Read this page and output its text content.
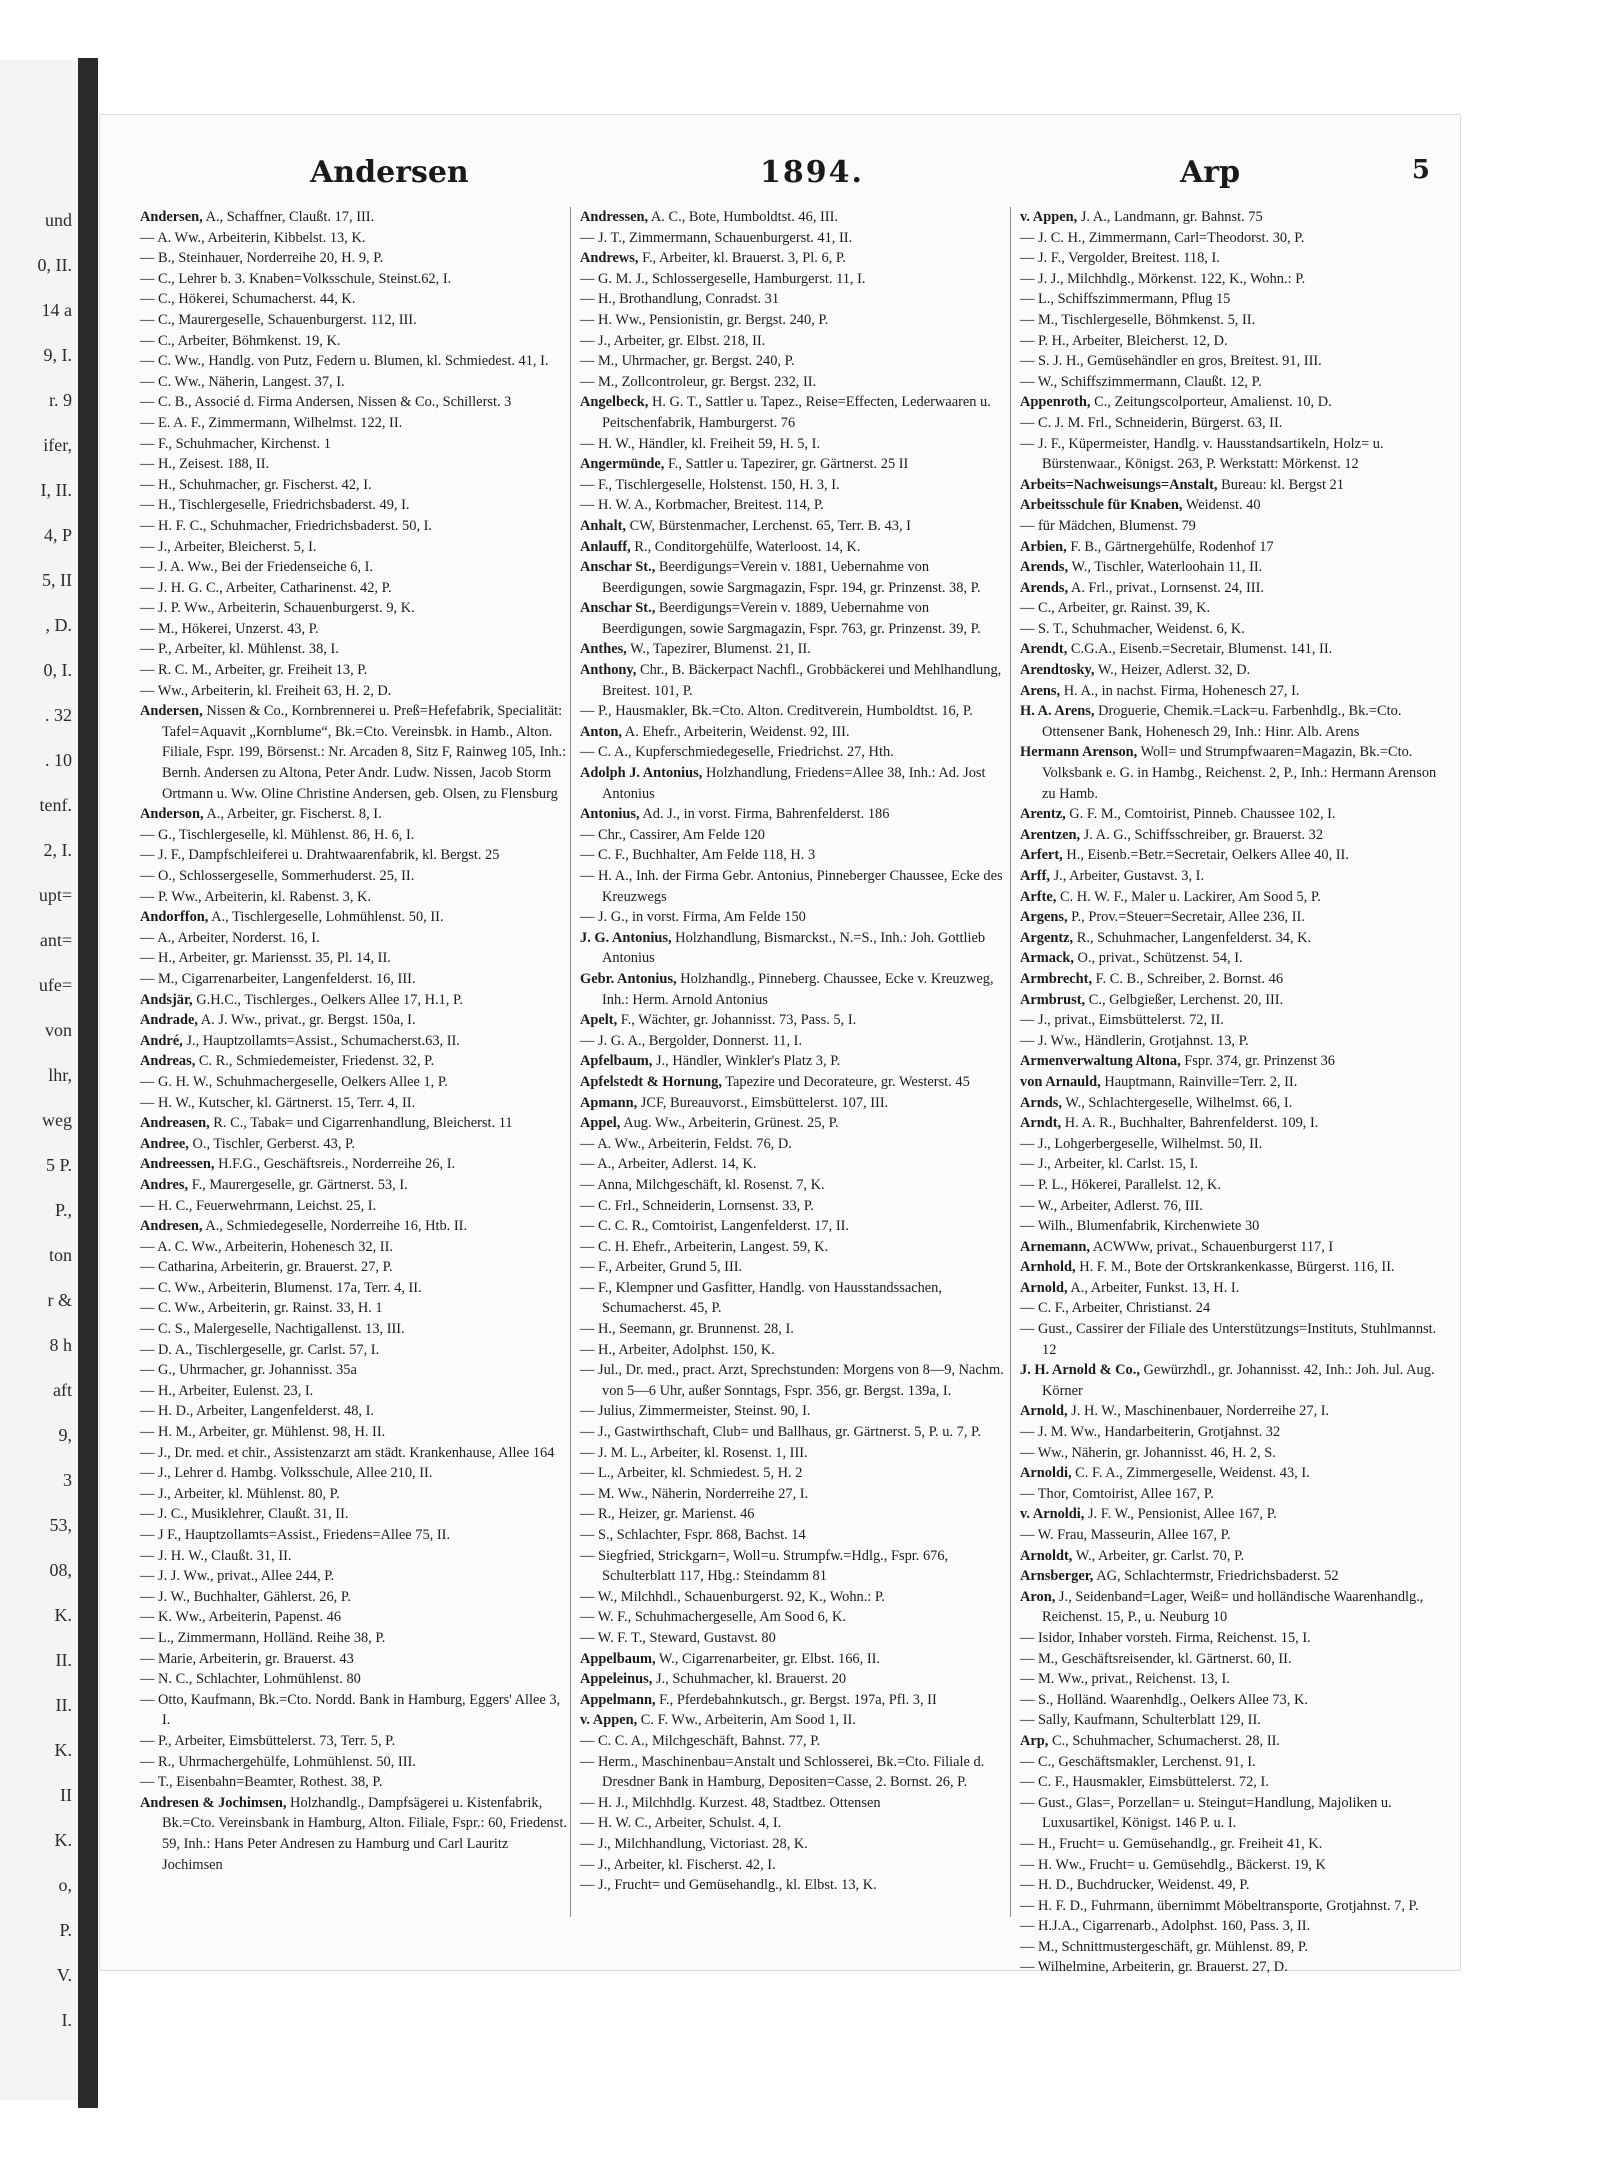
und
0, II.
14 a
9, I.
r. 9
ifer,
I, II.
4, P
5, II
, D.
0, I.
. 32
. 10
tenf.
2, I.
upt=
ant=
ufe=
von
lhr,
weg
5 P.
P.,
ton
r &
8 h
aft
9,
3
53,
08,
K.
II.
II.
K.
II
K.
o,
P.
V.
I.
Andersen	1894.	Arp	5

Andersen, A., Schaffner, Claußt. 17, III.

— A. Ww., Arbeiterin, Kibbelst. 13, K.

— B., Steinhauer, Norderreihe 20, H. 9, P.

— C., Lehrer b. 3. Knaben=Volksschule, Steinst.62, I.

— C., Hökerei, Schumacherst. 44, K.

— C., Maurergeselle, Schauenburgerst. 112, III.

— C., Arbeiter, Böhmkenst. 19, K.

— C. Ww., Handlg. von Putz, Federn u. Blumen, kl. Schmiedest. 41, I.

— C. Ww., Näherin, Langest. 37, I.

— C. B., Associé d. Firma Andersen, Nissen & Co., Schillerst. 3

— E. A. F., Zimmermann, Wilhelmst. 122, II.

— F., Schuhmacher, Kirchenst. 1

— H., Zeisest. 188, II.

— H., Schuhmacher, gr. Fischerst. 42, I.

— H., Tischlergeselle, Friedrichsbaderst. 49, I.

— H. F. C., Schuhmacher, Friedrichsbaderst. 50, I.

— J., Arbeiter, Bleicherst. 5, I.

— J. A. Ww., Bei der Friedenseiche 6, I.

— J. H. G. C., Arbeiter, Catharinenst. 42, P.

— J. P. Ww., Arbeiterin, Schauenburgerst. 9, K.

— M., Hökerei, Unzerst. 43, P.

— P., Arbeiter, kl. Mühlenst. 38, I.

— R. C. M., Arbeiter, gr. Freiheit 13, P.

— Ww., Arbeiterin, kl. Freiheit 63, H. 2, D.

Andersen, Nissen & Co., Kornbrennerei u. Preß=Hefefabrik, Specialität: Tafel=Aquavit „Kornblume“, Bk.=Cto. Vereinsbk. in Hamb., Alton. Filiale, Fspr. 199, Börsenst.: Nr. Arcaden 8, Sitz F, Rainweg 105, Inh.: Bernh. Andersen zu Altona, Peter Andr. Ludw. Nissen, Jacob Storm Ortmann u. Ww. Oline Christine Andersen, geb. Olsen, zu Flensburg

Anderson, A., Arbeiter, gr. Fischerst. 8, I.

— G., Tischlergeselle, kl. Mühlenst. 86, H. 6, I.

— J. F., Dampfschleiferei u. Drahtwaarenfabrik, kl. Bergst. 25

— O., Schlossergeselle, Sommerhuderst. 25, II.

— P. Ww., Arbeiterin, kl. Rabenst. 3, K.

Andorffon, A., Tischlergeselle, Lohmühlenst. 50, II.

— A., Arbeiter, Norderst. 16, I.

— H., Arbeiter, gr. Mariensst. 35, Pl. 14, II.

— M., Cigarrenarbeiter, Langenfelderst. 16, III.

Andsjär, G.H.C., Tischlerges., Oelkers Allee 17, H.1, P.

Andrade, A. J. Ww., privat., gr. Bergst. 150a, I.

André, J., Hauptzollamts=Assist., Schumacherst.63, II.

Andreas, C. R., Schmiedemeister, Friedenst. 32, P.

— G. H. W., Schuhmachergeselle, Oelkers Allee 1, P.

— H. W., Kutscher, kl. Gärtnerst. 15, Terr. 4, II.

Andreasen, R. C., Tabak= und Cigarrenhandlung, Bleicherst. 11

Andree, O., Tischler, Gerberst. 43, P.

Andreessen, H.F.G., Geschäftsreis., Norderreihe 26, I.

Andres, F., Maurergeselle, gr. Gärtnerst. 53, I.

— H. C., Feuerwehrmann, Leichst. 25, I.

Andresen, A., Schmiedegeselle, Norderreihe 16, Htb. II.

— A. C. Ww., Arbeiterin, Hohenesch 32, II.

— Catharina, Arbeiterin, gr. Brauerst. 27, P.

— C. Ww., Arbeiterin, Blumenst. 17a, Terr. 4, II.

— C. Ww., Arbeiterin, gr. Rainst. 33, H. 1

— C. S., Malergeselle, Nachtigallenst. 13, III.

— D. A., Tischlergeselle, gr. Carlst. 57, I.

— G., Uhrmacher, gr. Johannisst. 35a

— H., Arbeiter, Eulenst. 23, I.

— H. D., Arbeiter, Langenfelderst. 48, I.

— H. M., Arbeiter, gr. Mühlenst. 98, H. II.

— J., Dr. med. et chir., Assistenzarzt am städt. Krankenhause, Allee 164

— J., Lehrer d. Hambg. Volksschule, Allee 210, II.

— J., Arbeiter, kl. Mühlenst. 80, P.

— J. C., Musiklehrer, Claußt. 31, II.

— J F., Hauptzollamts=Assist., Friedens=Allee 75, II.

— J. H. W., Claußt. 31, II.

— J. J. Ww., privat., Allee 244, P.

— J. W., Buchhalter, Gählerst. 26, P.

— K. Ww., Arbeiterin, Papenst. 46

— L., Zimmermann, Holländ. Reihe 38, P.

— Marie, Arbeiterin, gr. Brauerst. 43

— N. C., Schlachter, Lohmühlenst. 80

— Otto, Kaufmann, Bk.=Cto. Nordd. Bank in Hamburg, Eggers' Allee 3, I.

— P., Arbeiter, Eimsbüttelerst. 73, Terr. 5, P.

— R., Uhrmachergehülfe, Lohmühlenst. 50, III.

— T., Eisenbahn=Beamter, Rothest. 38, P.

Andresen & Jochimsen, Holzhandlg., Dampfsägerei u. Kistenfabrik, Bk.=Cto. Vereinsbank in Hamburg, Alton. Filiale, Fspr.: 60, Friedenst. 59, Inh.: Hans Peter Andresen zu Hamburg und Carl Lauritz Jochimsen

Andressen, A. C., Bote, Humboldtst. 46, III.

— J. T., Zimmermann, Schauenburgerst. 41, II.

Andrews, F., Arbeiter, kl. Brauerst. 3, Pl. 6, P.

— G. M. J., Schlossergeselle, Hamburgerst. 11, I.

— H., Brothandlung, Conradst. 31

— H. Ww., Pensionistin, gr. Bergst. 240, P.

— J., Arbeiter, gr. Elbst. 218, II.

— M., Uhrmacher, gr. Bergst. 240, P.

— M., Zollcontroleur, gr. Bergst. 232, II.

Angelbeck, H. G. T., Sattler u. Tapez., Reise=Effecten, Lederwaaren u. Peitschenfabrik, Hamburgerst. 76

— H. W., Händler, kl. Freiheit 59, H. 5, I.

Angermünde, F., Sattler u. Tapezirer, gr. Gärtnerst. 25 II

— F., Tischlergeselle, Holstenst. 150, H. 3, I.

— H. W. A., Korbmacher, Breitest. 114, P.

Anhalt, CW, Bürstenmacher, Lerchenst. 65, Terr. B. 43, I

Anlauff, R., Conditorgehülfe, Waterloost. 14, K.

Anschar St., Beerdigungs=Verein v. 1881, Uebernahme von Beerdigungen, sowie Sargmagazin, Fspr. 194, gr. Prinzenst. 38, P.

Anschar St., Beerdigungs=Verein v. 1889, Uebernahme von Beerdigungen, sowie Sargmagazin, Fspr. 763, gr. Prinzenst. 39, P.

Anthes, W., Tapezirer, Blumenst. 21, II.

Anthony, Chr., B. Bäckerpact Nachfl., Grobbäckerei und Mehlhandlung, Breitest. 101, P.

— P., Hausmakler, Bk.=Cto. Alton. Creditverein, Humboldtst. 16, P.

Anton, A. Ehefr., Arbeiterin, Weidenst. 92, III.

— C. A., Kupferschmiedegeselle, Friedrichst. 27, Hth.

Adolph J. Antonius, Holzhandlung, Friedens=Allee 38, Inh.: Ad. Jost Antonius

Antonius, Ad. J., in vorst. Firma, Bahrenfelderst. 186

— Chr., Cassirer, Am Felde 120

— C. F., Buchhalter, Am Felde 118, H. 3

— H. A., Inh. der Firma Gebr. Antonius, Pinneberger Chaussee, Ecke des Kreuzwegs

— J. G., in vorst. Firma, Am Felde 150

J. G. Antonius, Holzhandlung, Bismarckst., N.=S., Inh.: Joh. Gottlieb Antonius

Gebr. Antonius, Holzhandlg., Pinneberg. Chaussee, Ecke v. Kreuzweg, Inh.: Herm. Arnold Antonius

Apelt, F., Wächter, gr. Johannisst. 73, Pass. 5, I.

— J. G. A., Bergolder, Donnerst. 11, I.

Apfelbaum, J., Händler, Winkler's Platz 3, P.

Apfelstedt & Hornung, Tapezire und Decorateure, gr. Westerst. 45

Apmann, JCF, Bureauvorst., Eimsbüttelerst. 107, III.

Appel, Aug. Ww., Arbeiterin, Grünest. 25, P.

— A. Ww., Arbeiterin, Feldst. 76, D.

— A., Arbeiter, Adlerst. 14, K.

— Anna, Milchgeschäft, kl. Rosenst. 7, K.

— C. Frl., Schneiderin, Lornsenst. 33, P.

— C. C. R., Comtoirist, Langenfelderst. 17, II.

— C. H. Ehefr., Arbeiterin, Langest. 59, K.

— F., Arbeiter, Grund 5, III.

— F., Klempner und Gasfitter, Handlg. von Hausstandssachen, Schumacherst. 45, P.

— H., Seemann, gr. Brunnenst. 28, I.

— H., Arbeiter, Adolphst. 150, K.

— Jul., Dr. med., pract. Arzt, Sprechstunden: Morgens von 8—9, Nachm. von 5—6 Uhr, außer Sonntags, Fspr. 356, gr. Bergst. 139a, I.

— Julius, Zimmermeister, Steinst. 90, I.

— J., Gastwirthschaft, Club= und Ballhaus, gr. Gärtnerst. 5, P. u. 7, P.

— J. M. L., Arbeiter, kl. Rosenst. 1, III.

— L., Arbeiter, kl. Schmiedest. 5, H. 2

— M. Ww., Näherin, Norderreihe 27, I.

— R., Heizer, gr. Marienst. 46

— S., Schlachter, Fspr. 868, Bachst. 14

— Siegfried, Strickgarn=, Woll=u. Strumpfw.=Hdlg., Fspr. 676, Schulterblatt 117, Hbg.: Steindamm 81

— W., Milchhdl., Schauenburgerst. 92, K., Wohn.: P.

— W. F., Schuhmachergeselle, Am Sood 6, K.

— W. F. T., Steward, Gustavst. 80

Appelbaum, W., Cigarrenarbeiter, gr. Elbst. 166, II.

Appeleinus, J., Schuhmacher, kl. Brauerst. 20

Appelmann, F., Pferdebahnkutsch., gr. Bergst. 197a, Pfl. 3, II

v. Appen, C. F. Ww., Arbeiterin, Am Sood 1, II.

— C. C. A., Milchgeschäft, Bahnst. 77, P.

— Herm., Maschinenbau=Anstalt und Schlosserei, Bk.=Cto. Filiale d. Dresdner Bank in Hamburg, Depositen=Casse, 2. Bornst. 26, P.

— H. J., Milchhdlg. Kurzest. 48, Stadtbez. Ottensen

— H. W. C., Arbeiter, Schulst. 4, I.

— J., Milchhandlung, Victoriast. 28, K.

— J., Arbeiter, kl. Fischerst. 42, I.

— J., Frucht= und Gemüsehandlg., kl. Elbst. 13, K.

v. Appen, J. A., Landmann, gr. Bahnst. 75

— J. C. H., Zimmermann, Carl=Theodorst. 30, P.

— J. F., Vergolder, Breitest. 118, I.

— J. J., Milchhdlg., Mörkenst. 122, K., Wohn.: P.

— L., Schiffszimmermann, Pflug 15

— M., Tischlergeselle, Böhmkenst. 5, II.

— P. H., Arbeiter, Bleicherst. 12, D.

— S. J. H., Gemüsehändler en gros, Breitest. 91, III.

— W., Schiffszimmermann, Claußt. 12, P.

Appenroth, C., Zeitungscolporteur, Amalienst. 10, D.

— C. J. M. Frl., Schneiderin, Bürgerst. 63, II.

— J. F., Küpermeister, Handlg. v. Hausstandsartikeln, Holz= u. Bürstenwaar., Königst. 263, P. Werkstatt: Mörkenst. 12

Arbeits=Nachweisungs=Anstalt, Bureau: kl. Bergst 21

Arbeitsschule für Knaben, Weidenst. 40

— für Mädchen, Blumenst. 79

Arbien, F. B., Gärtnergehülfe, Rodenhof 17

Arends, W., Tischler, Waterloohain 11, II.

Arends, A. Frl., privat., Lornsenst. 24, III.

— C., Arbeiter, gr. Rainst. 39, K.

— S. T., Schuhmacher, Weidenst. 6, K.

Arendt, C.G.A., Eisenb.=Secretair, Blumenst. 141, II.

Arendtosky, W., Heizer, Adlerst. 32, D.

Arens, H. A., in nachst. Firma, Hohenesch 27, I.

H. A. Arens, Droguerie, Chemik.=Lack=u. Farbenhdlg., Bk.=Cto. Ottensener Bank, Hohenesch 29, Inh.: Hinr. Alb. Arens

Hermann Arenson, Woll= und Strumpfwaaren=Magazin, Bk.=Cto. Volksbank e. G. in Hambg., Reichenst. 2, P., Inh.: Hermann Arenson zu Hamb.

Arentz, G. F. M., Comtoirist, Pinneb. Chaussee 102, I.

Arentzen, J. A. G., Schiffsschreiber, gr. Brauerst. 32

Arfert, H., Eisenb.=Betr.=Secretair, Oelkers Allee 40, II.

Arff, J., Arbeiter, Gustavst. 3, I.

Arfte, C. H. W. F., Maler u. Lackirer, Am Sood 5, P.

Argens, P., Prov.=Steuer=Secretair, Allee 236, II.

Argentz, R., Schuhmacher, Langenfelderst. 34, K.

Armack, O., privat., Schützenst. 54, I.

Armbrecht, F. C. B., Schreiber, 2. Bornst. 46

Armbrust, C., Gelbgießer, Lerchenst. 20, III.

— J., privat., Eimsbüttelerst. 72, II.

— J. Ww., Händlerin, Grotjahnst. 13, P.

Armenverwaltung Altona, Fspr. 374, gr. Prinzenst 36

von Arnauld, Hauptmann, Rainville=Terr. 2, II.

Arnds, W., Schlachtergeselle, Wilhelmst. 66, I.

Arndt, H. A. R., Buchhalter, Bahrenfelderst. 109, I.

— J., Lohgerbergeselle, Wilhelmst. 50, II.

— J., Arbeiter, kl. Carlst. 15, I.

— P. L., Hökerei, Parallelst. 12, K.

— W., Arbeiter, Adlerst. 76, III.

— Wilh., Blumenfabrik, Kirchenwiete 30

Arnemann, ACWWw, privat., Schauenburgerst 117, I

Arnhold, H. F. M., Bote der Ortskrankenkasse, Bürgerst. 116, II.

Arnold, A., Arbeiter, Funkst. 13, H. I.

— C. F., Arbeiter, Christianst. 24

— Gust., Cassirer der Filiale des Unterstützungs=Instituts, Stuhlmannst. 12

J. H. Arnold & Co., Gewürzhdl., gr. Johannisst. 42, Inh.: Joh. Jul. Aug. Körner

Arnold, J. H. W., Maschinenbauer, Norderreihe 27, I.

— J. M. Ww., Handarbeiterin, Grotjahnst. 32

— Ww., Näherin, gr. Johannisst. 46, H. 2, S.

Arnoldi, C. F. A., Zimmergeselle, Weidenst. 43, I.

— Thor, Comtoirist, Allee 167, P.

v. Arnoldi, J. F. W., Pensionist, Allee 167, P.

— W. Frau, Masseurin, Allee 167, P.

Arnoldt, W., Arbeiter, gr. Carlst. 70, P.

Arnsberger, AG, Schlachtermstr, Friedrichsbaderst. 52

Aron, J., Seidenband=Lager, Weiß= und holländische Waarenhandlg., Reichenst. 15, P., u. Neuburg 10

— Isidor, Inhaber vorsteh. Firma, Reichenst. 15, I.

— M., Geschäftsreisender, kl. Gärtnerst. 60, II.

— M. Ww., privat., Reichenst. 13, I.

— S., Holländ. Waarenhdlg., Oelkers Allee 73, K.

— Sally, Kaufmann, Schulterblatt 129, II.

Arp, C., Schuhmacher, Schumacherst. 28, II.

— C., Geschäftsmakler, Lerchenst. 91, I.

— C. F., Hausmakler, Eimsbüttelerst. 72, I.

— Gust., Glas=, Porzellan= u. Steingut=Handlung, Majoliken u. Luxusartikel, Königst. 146 P. u. I.

— H., Frucht= u. Gemüsehandlg., gr. Freiheit 41, K.

— H. Ww., Frucht= u. Gemüsehdlg., Bäckerst. 19, K

— H. D., Buchdrucker, Weidenst. 49, P.

— H. F. D., Fuhrmann, übernimmt Möbeltransporte, Grotjahnst. 7, P.

— H.J.A., Cigarrenarb., Adolphst. 160, Pass. 3, II.

— M., Schnittmustergeschäft, gr. Mühlenst. 89, P.

— Wilhelmine, Arbeiterin, gr. Brauerst. 27, D.
